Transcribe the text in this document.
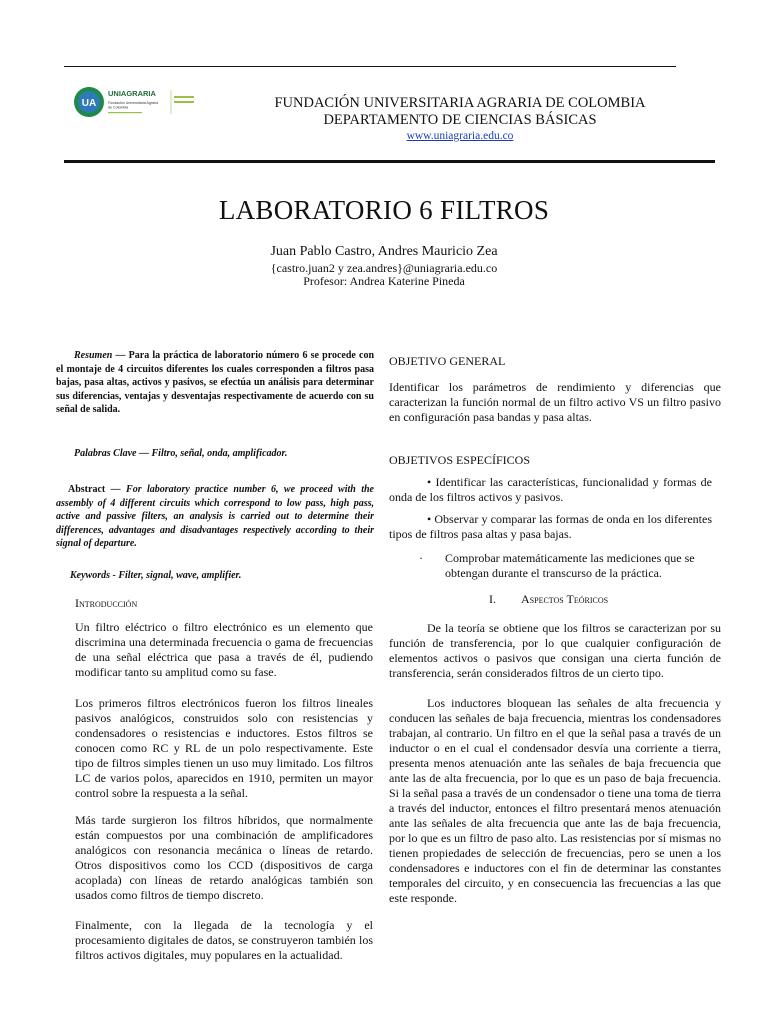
UA
UNIAGRARIA
Fundación Universitaria Agraria
de Colombia	FUNDACIÓN UNIVERSITARIA AGRARIA DE COLOMBIA
DEPARTAMENTO DE CIENCIAS BÁSICAS
www.uniagraria.edu.co
LABORATORIO 6 FILTROS
Juan Pablo Castro, Andres Mauricio Zea
{castro.juan2 y zea.andres}@uniagraria.edu.co
Profesor: Andrea Katerine Pineda
Resumen — Para la práctica de laboratorio número 6 se procede con el montaje de 4 circuitos diferentes los cuales corresponden a filtros pasa bajas, pasa altas, activos y pasivos, se efectúa un análisis para determinar sus diferencias, ventajas y desventajas respectivamente de acuerdo con su señal de salida.
Palabras Clave — Filtro, señal, onda, amplificador.
Abstract — For laboratory practice number 6, we proceed with the assembly of 4 different circuits which correspond to low pass, high pass, active and passive filters, an analysis is carried out to determine their differences, advantages and disadvantages respectively according to their signal of departure.
Keywords - Filter, signal, wave, amplifier.
Introducción
Un filtro eléctrico o filtro electrónico es un elemento que discrimina una determinada frecuencia o gama de frecuencias de una señal eléctrica que pasa a través de él, pudiendo modificar tanto su amplitud como su fase.
Los primeros filtros electrónicos fueron los filtros lineales pasivos analógicos, construidos solo con resistencias y condensadores o resistencias e inductores. Estos filtros se conocen como RC y RL de un polo respectivamente. Este tipo de filtros simples tienen un uso muy limitado. Los filtros LC de varios polos, aparecidos en 1910, permiten un mayor control sobre la respuesta a la señal.
Más tarde surgieron los filtros híbridos, que normalmente están compuestos por una combinación de amplificadores analógicos con resonancia mecánica o líneas de retardo. Otros dispositivos como los CCD (dispositivos de carga acoplada) con líneas de retardo analógicas también son usados como filtros de tiempo discreto.
Finalmente, con la llegada de la tecnología y el procesamiento digitales de datos, se construyeron también los filtros activos digitales, muy populares en la actualidad.
OBJETIVO GENERAL
Identificar los parámetros de rendimiento y diferencias que caracterizan la función normal de un filtro activo VS un filtro pasivo en configuración pasa bandas y pasa altas.
OBJETIVOS ESPECÍFICOS
• Identificar las características, funcionalidad y formas de onda de los filtros activos y pasivos.
• Observar y comparar las formas de onda en los diferentes tipos de filtros pasa altas y pasa bajas.
· Comprobar matemáticamente las mediciones que se obtengan durante el transcurso de la práctica.
I. Aspectos Teóricos
De la teoría se obtiene que los filtros se caracterizan por su función de transferencia, por lo que cualquier configuración de elementos activos o pasivos que consigan una cierta función de transferencia, serán considerados filtros de un cierto tipo.
Los inductores bloquean las señales de alta frecuencia y conducen las señales de baja frecuencia, mientras los condensadores trabajan, al contrario. Un filtro en el que la señal pasa a través de un inductor o en el cual el condensador desvía una corriente a tierra, presenta menos atenuación ante las señales de baja frecuencia que ante las de alta frecuencia, por lo que es un paso de baja frecuencia. Si la señal pasa a través de un condensador o tiene una toma de tierra a través del inductor, entonces el filtro presentará menos atenuación ante las señales de alta frecuencia que ante las de baja frecuencia, por lo que es un filtro de paso alto. Las resistencias por sí mismas no tienen propiedades de selección de frecuencias, pero se unen a los condensadores e inductores con el fin de determinar las constantes temporales del circuito, y en consecuencia las frecuencias a las que este responde.
